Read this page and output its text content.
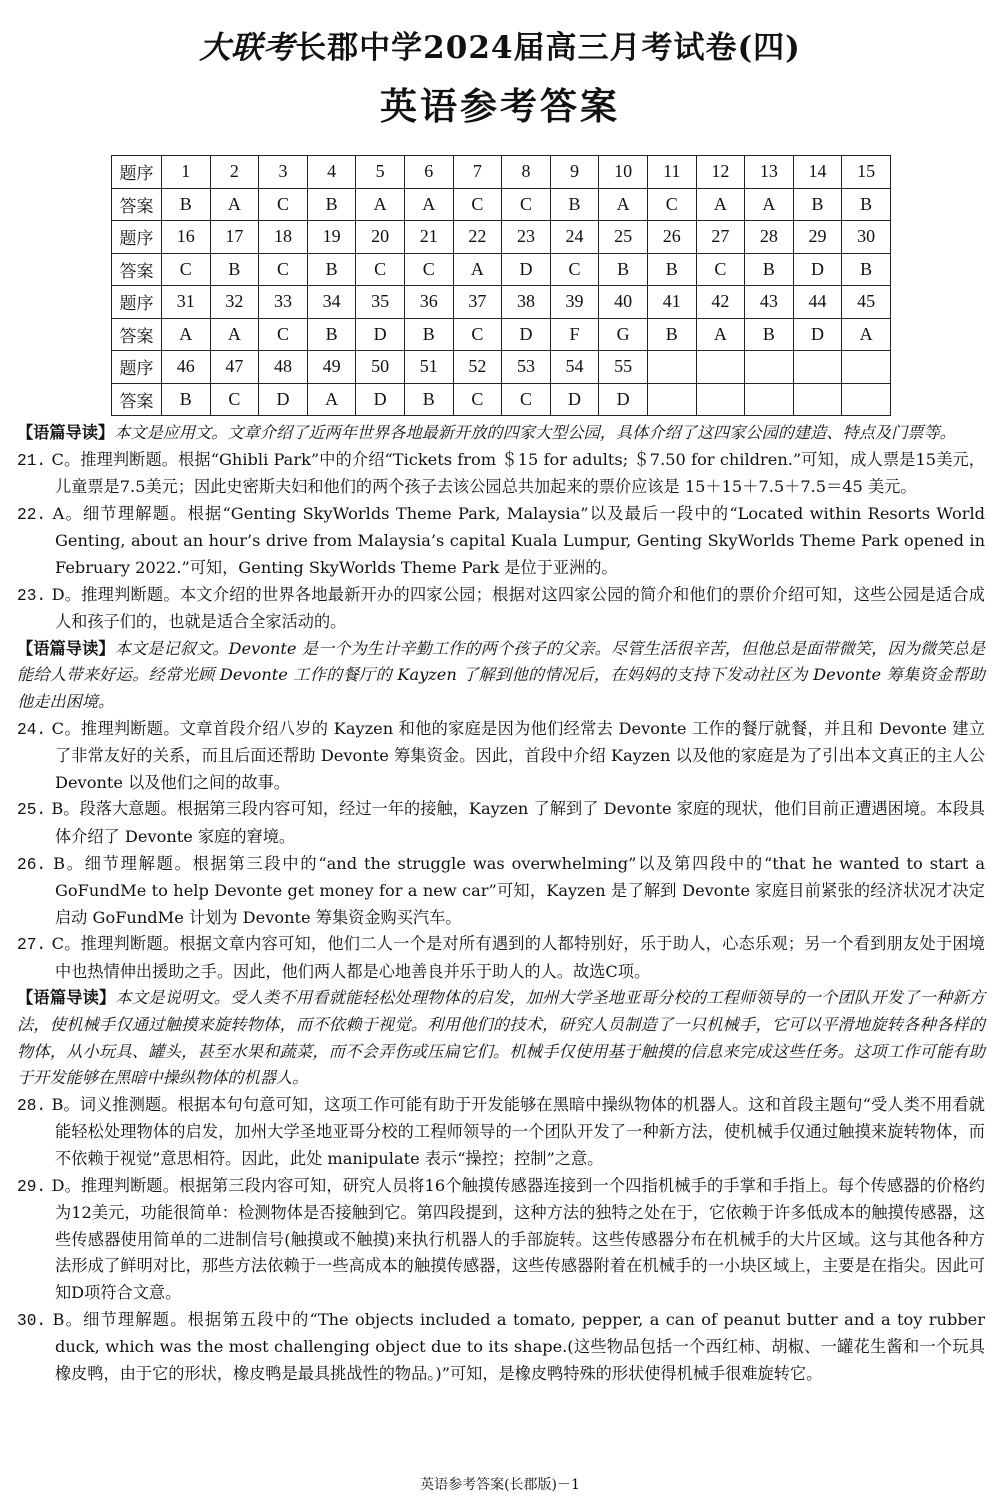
大联考长郡中学2024届高三月考试卷(四)
英语参考答案
题序	1	2	3	4	5	6	7	8	9	10	11	12	13	14	15
答案	B	A	C	B	A	A	C	C	B	A	C	A	A	B	B
题序	16	17	18	19	20	21	22	23	24	25	26	27	28	29	30
答案	C	B	C	B	C	C	A	D	C	B	B	C	B	D	B
题序	31	32	33	34	35	36	37	38	39	40	41	42	43	44	45
答案	A	A	C	B	D	B	C	D	F	G	B	A	B	D	A
题序	46	47	48	49	50	51	52	53	54	55					
答案	B	C	D	A	D	B	C	C	D	D					

【语篇导读】本文是应用文。文章介绍了近两年世界各地最新开放的四家大型公园，具体介绍了这四家公园的建造、特点及门票等。

21. C。推理判断题。根据“Ghibli Park”中的介绍“Tickets from ＄15 for adults; ＄7.50 for children.”可知，成人票是15美元，儿童票是7.5美元；因此史密斯夫妇和他们的两个孩子去该公园总共加起来的票价应该是 15＋15＋7.5＋7.5＝45 美元。

22. A。细节理解题。根据“Genting SkyWorlds Theme Park, Malaysia”以及最后一段中的“Located within Resorts World Genting, about an hour’s drive from Malaysia’s capital Kuala Lumpur, Genting SkyWorlds Theme Park opened in February 2022.”可知，Genting SkyWorlds Theme Park 是位于亚洲的。

23. D。推理判断题。本文介绍的世界各地最新开办的四家公园；根据对这四家公园的简介和他们的票价介绍可知，这些公园是适合成人和孩子们的，也就是适合全家活动的。

【语篇导读】本文是记叙文。Devonte 是一个为生计辛勤工作的两个孩子的父亲。尽管生活很辛苦，但他总是面带微笑，因为微笑总是能给人带来好运。经常光顾 Devonte 工作的餐厅的 Kayzen 了解到他的情况后，在妈妈的支持下发动社区为 Devonte 筹集资金帮助他走出困境。

24. C。推理判断题。文章首段介绍八岁的 Kayzen 和他的家庭是因为他们经常去 Devonte 工作的餐厅就餐，并且和 Devonte 建立了非常友好的关系，而且后面还帮助 Devonte 筹集资金。因此，首段中介绍 Kayzen 以及他的家庭是为了引出本文真正的主人公 Devonte 以及他们之间的故事。

25. B。段落大意题。根据第三段内容可知，经过一年的接触，Kayzen 了解到了 Devonte 家庭的现状，他们目前正遭遇困境。本段具体介绍了 Devonte 家庭的窘境。

26. B。细节理解题。根据第三段中的“and the struggle was overwhelming”以及第四段中的“that he wanted to start a GoFundMe to help Devonte get money for a new car”可知，Kayzen 是了解到 Devonte 家庭目前紧张的经济状况才决定启动 GoFundMe 计划为 Devonte 筹集资金购买汽车。

27. C。推理判断题。根据文章内容可知，他们二人一个是对所有遇到的人都特别好，乐于助人，心态乐观；另一个看到朋友处于困境中也热情伸出援助之手。因此，他们两人都是心地善良并乐于助人的人。故选C项。

【语篇导读】本文是说明文。受人类不用看就能轻松处理物体的启发，加州大学圣地亚哥分校的工程师领导的一个团队开发了一种新方法，使机械手仅通过触摸来旋转物体，而不依赖于视觉。利用他们的技术，研究人员制造了一只机械手，它可以平滑地旋转各种各样的物体，从小玩具、罐头，甚至水果和蔬菜，而不会弄伤或压扁它们。机械手仅使用基于触摸的信息来完成这些任务。这项工作可能有助于开发能够在黑暗中操纵物体的机器人。

28. B。词义推测题。根据本句句意可知，这项工作可能有助于开发能够在黑暗中操纵物体的机器人。这和首段主题句“受人类不用看就能轻松处理物体的启发，加州大学圣地亚哥分校的工程师领导的一个团队开发了一种新方法，使机械手仅通过触摸来旋转物体，而不依赖于视觉”意思相符。因此，此处 manipulate 表示“操控；控制”之意。

29. D。推理判断题。根据第三段内容可知，研究人员将16个触摸传感器连接到一个四指机械手的手掌和手指上。每个传感器的价格约为12美元，功能很简单：检测物体是否接触到它。第四段提到，这种方法的独特之处在于，它依赖于许多低成本的触摸传感器，这些传感器使用简单的二进制信号(触摸或不触摸)来执行机器人的手部旋转。这些传感器分布在机械手的大片区域。这与其他各种方法形成了鲜明对比，那些方法依赖于一些高成本的触摸传感器，这些传感器附着在机械手的一小块区域上，主要是在指尖。因此可知D项符合文意。

30. B。细节理解题。根据第五段中的“The objects included a tomato, pepper, a can of peanut butter and a toy rubber duck, which was the most challenging object due to its shape.(这些物品包括一个西红柿、胡椒、一罐花生酱和一个玩具橡皮鸭，由于它的形状，橡皮鸭是最具挑战性的物品。)”可知，是橡皮鸭特殊的形状使得机械手很难旋转它。

英语参考答案(长郡版)－1
